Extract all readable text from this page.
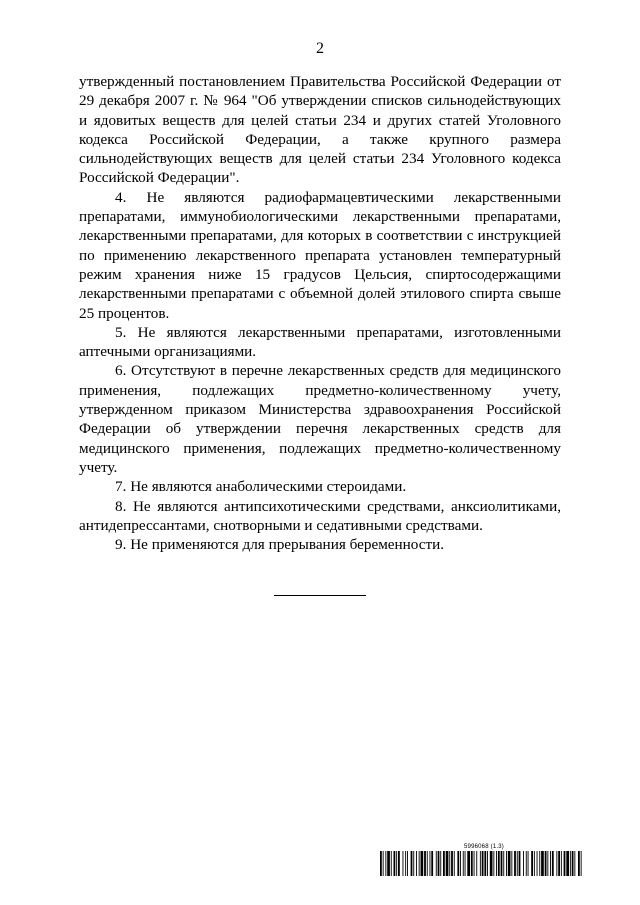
2

утвержденный постановлением Правительства Российской Федерации от 29 декабря 2007 г. № 964 "Об утверждении списков сильнодействующих и ядовитых веществ для целей статьи 234 и других статей Уголовного кодекса Российской Федерации, а также крупного размера сильнодействующих веществ для целей статьи 234 Уголовного кодекса Российской Федерации".

4. Не являются радиофармацевтическими лекарственными препаратами, иммунобиологическими лекарственными препаратами, лекарственными препаратами, для которых в соответствии с инструкцией по применению лекарственного препарата установлен температурный режим хранения ниже 15 градусов Цельсия, спиртосодержащими лекарственными препаратами с объемной долей этилового спирта свыше 25 процентов.

5. Не являются лекарственными препаратами, изготовленными аптечными организациями.

6. Отсутствуют в перечне лекарственных средств для медицинского применения, подлежащих предметно-количественному учету, утвержденном приказом Министерства здравоохранения Российской Федерации об утверждении перечня лекарственных средств для медицинского применения, подлежащих предметно-количественному учету.

7. Не являются анаболическими стероидами.

8. Не являются антипсихотическими средствами, анксиолитиками, антидепрессантами, снотворными и седативными средствами.

9. Не применяются для прерывания беременности.

5996068 (1.3)
